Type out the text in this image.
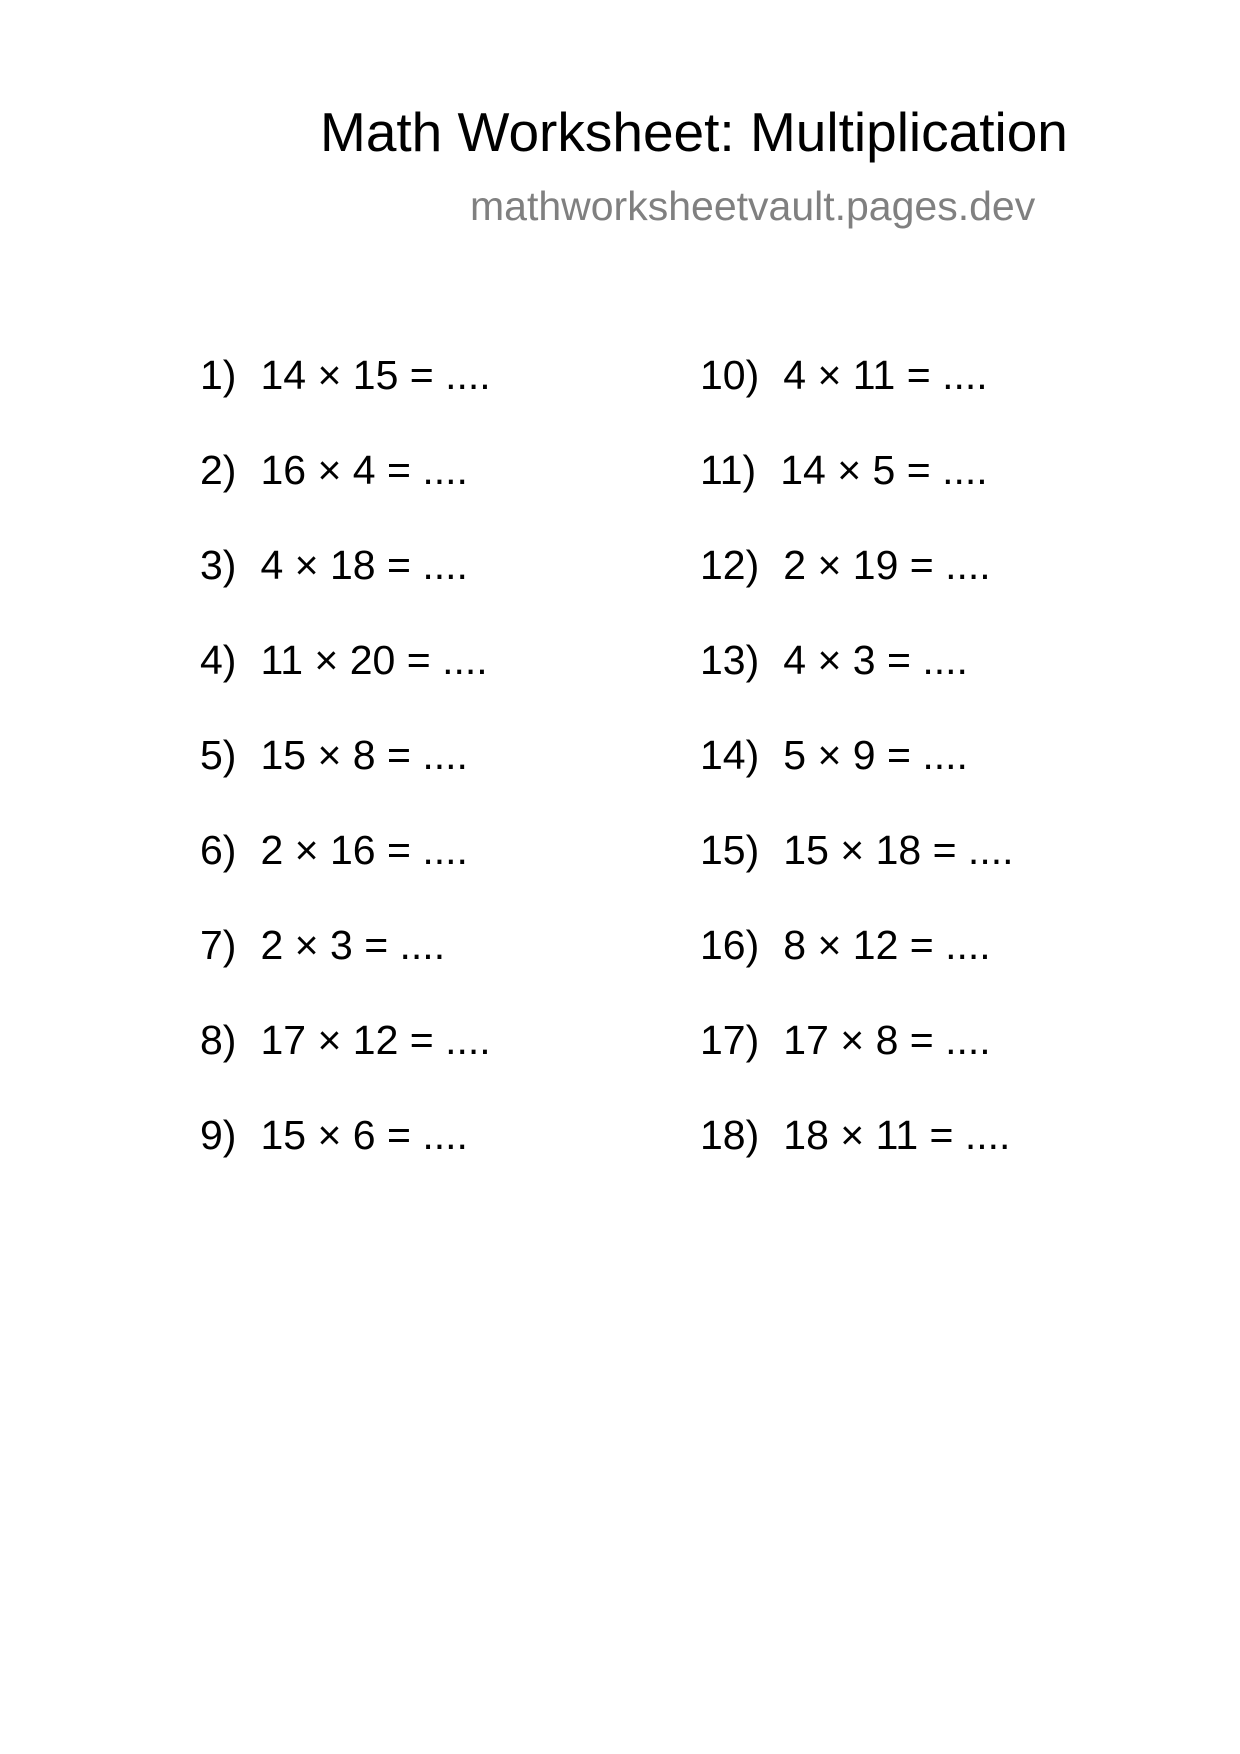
Math Worksheet: Multiplication
mathworksheetvault.pages.dev
1) 14 × 15 = ....
2) 16 × 4 = ....
3) 4 × 18 = ....
4) 11 × 20 = ....
5) 15 × 8 = ....
6) 2 × 16 = ....
7) 2 × 3 = ....
8) 17 × 12 = ....
9) 15 × 6 = ....
10) 4 × 11 = ....
11) 14 × 5 = ....
12) 2 × 19 = ....
13) 4 × 3 = ....
14) 5 × 9 = ....
15) 15 × 18 = ....
16) 8 × 12 = ....
17) 17 × 8 = ....
18) 18 × 11 = ....
